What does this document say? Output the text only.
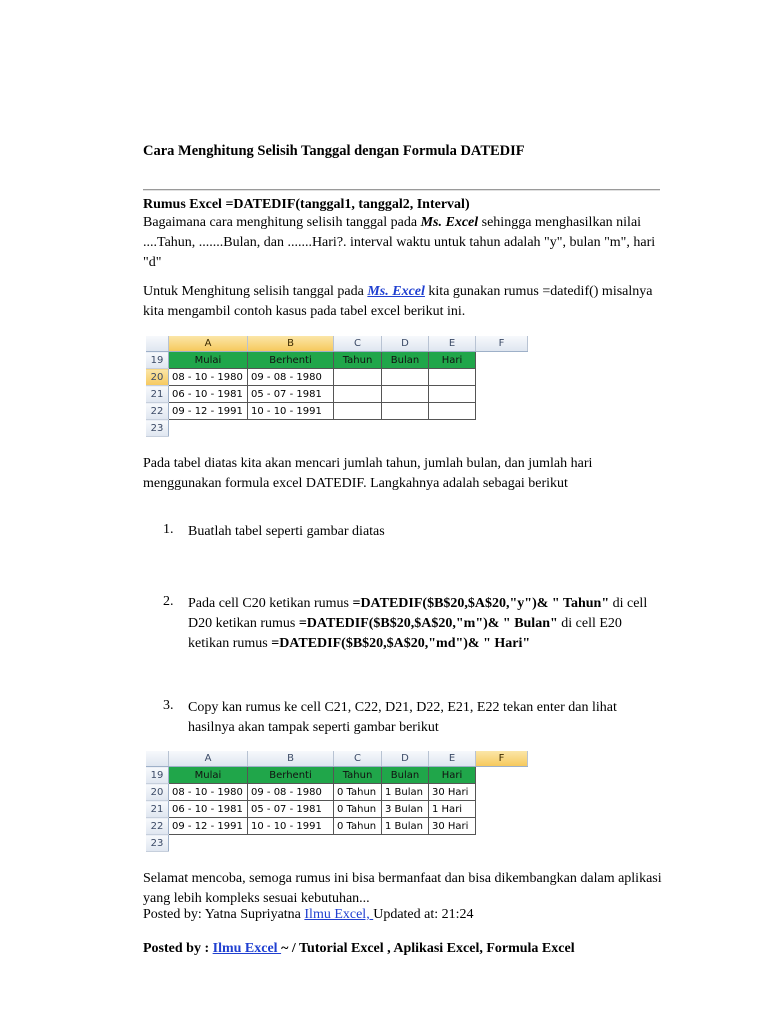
Cara Menghitung Selisih Tanggal dengan Formula DATEDIF
Rumus Excel =DATEDIF(tanggal1, tanggal2, Interval)
Bagaimana cara menghitung selisih tanggal pada Ms. Excel sehingga menghasilkan nilai ....Tahun, .......Bulan, dan .......Hari?. interval waktu untuk tahun adalah "y", bulan "m", hari "d"
Untuk Menghitung selisih tanggal pada Ms. Excel kita gunakan rumus =datedif() misalnya kita mengambil contoh kasus pada tabel excel berikut ini.
	A	B	C	D	E	F
19	Mulai	Berhenti	Tahun	Bulan	Hari	
20	08 - 10 - 1980	09 - 08 - 1980				
21	06 - 10 - 1981	05 - 07 - 1981				
22	09 - 12 - 1991	10 - 10 - 1991				
23						
Pada tabel diatas kita akan mencari jumlah tahun, jumlah bulan, dan jumlah hari menggunakan formula excel DATEDIF. Langkahnya adalah sebagai berikut
1. Buatlah tabel seperti gambar diatas
2. Pada cell C20 ketikan rumus =DATEDIF($B$20,$A$20,"y")& " Tahun" di cell D20 ketikan rumus =DATEDIF($B$20,$A$20,"m")& " Bulan" di cell E20 ketikan rumus =DATEDIF($B$20,$A$20,"md")& " Hari"
3. Copy kan rumus ke cell C21, C22, D21, D22, E21, E22 tekan enter dan lihat hasilnya akan tampak seperti gambar berikut
	A	B	C	D	E	F
19	Mulai	Berhenti	Tahun	Bulan	Hari	
20	08 - 10 - 1980	09 - 08 - 1980	0 Tahun	1 Bulan	30 Hari	
21	06 - 10 - 1981	05 - 07 - 1981	0 Tahun	3 Bulan	1 Hari	
22	09 - 12 - 1991	10 - 10 - 1991	0 Tahun	1 Bulan	30 Hari	
23						
Selamat mencoba, semoga rumus ini bisa bermanfaat dan bisa dikembangkan dalam aplikasi yang lebih kompleks sesuai kebutuhan...
Posted by: Yatna Supriyatna Ilmu Excel, Updated at: 21:24
Posted by : Ilmu Excel ~ / Tutorial Excel , Aplikasi Excel, Formula Excel
